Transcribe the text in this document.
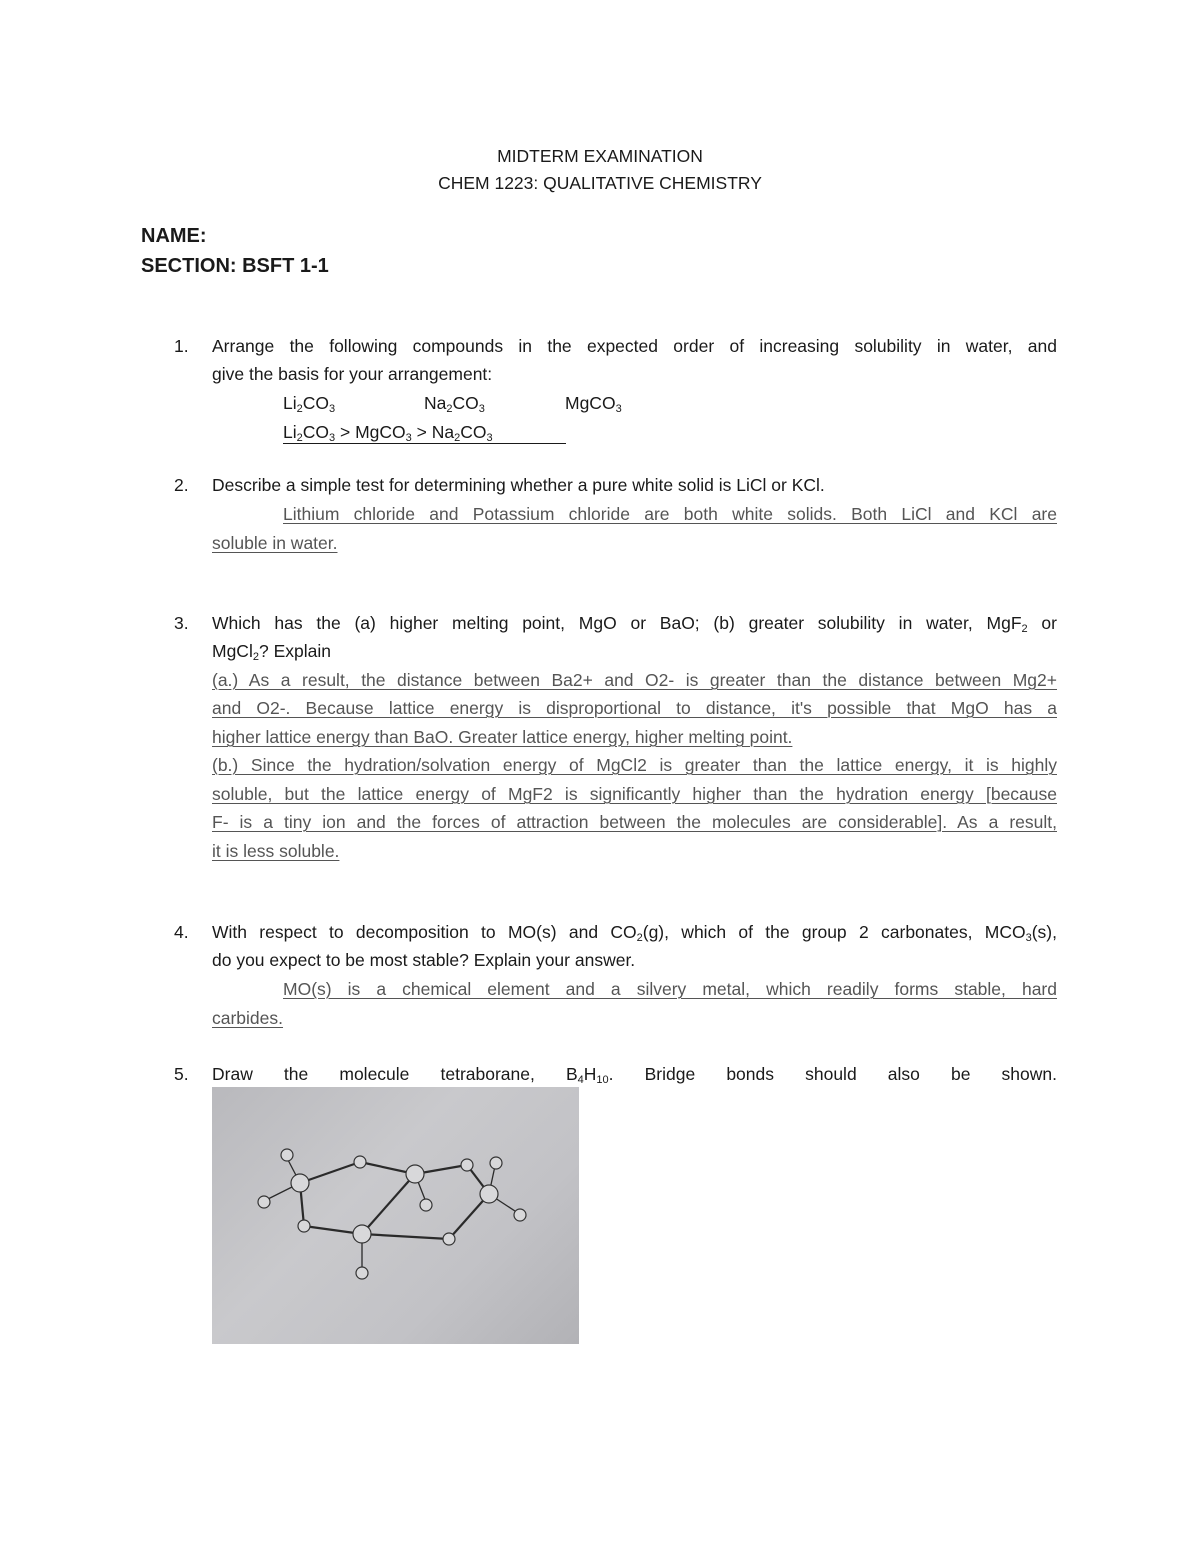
MIDTERM EXAMINATION
CHEM 1223: QUALITATIVE CHEMISTRY
NAME:
SECTION: BSFT 1-1
1. Arrange the following compounds in the expected order of increasing solubility in water, and
give the basis for your arrangement:
$Li_2CO_3$	$Na_2CO_3$	MgCO$_3$
$Li_2CO_3$ > MgCO$_3$ > $Na_2CO_3$
2. Describe a simple test for determining whether a pure white solid is LiCl or KCl.
Lithium chloride and Potassium chloride are both white solids. Both LiCl and KCl are
soluble in water.
3. Which has the (a) higher melting point, MgO or BaO; (b) greater solubility in water, MgF$_2$ or
MgCl$_2$? Explain
(a.) As a result, the distance between Ba2+ and O2- is greater than the distance between Mg2+
and O2-. Because lattice energy is disproportional to distance, it's possible that MgO has a
higher lattice energy than BaO. Greater lattice energy, higher melting point.
(b.) Since the hydration/solvation energy of MgCl2 is greater than the lattice energy, it is highly
soluble, but the lattice energy of MgF2 is significantly higher than the hydration energy [because
F- is a tiny ion and the forces of attraction between the molecules are considerable]. As a result,
it is less soluble.
4. With respect to decomposition to MO(s) and $CO_2(g)$, which of the group 2 carbonates, $MCO_3(s)$,
do you expect to be most stable? Explain your answer.
MO(s) is a chemical element and a silvery metal, which readily forms stable, hard
carbides.
5. Draw the molecule tetraborane, $B_4H_{10}$. Bridge bonds should also be shown.
